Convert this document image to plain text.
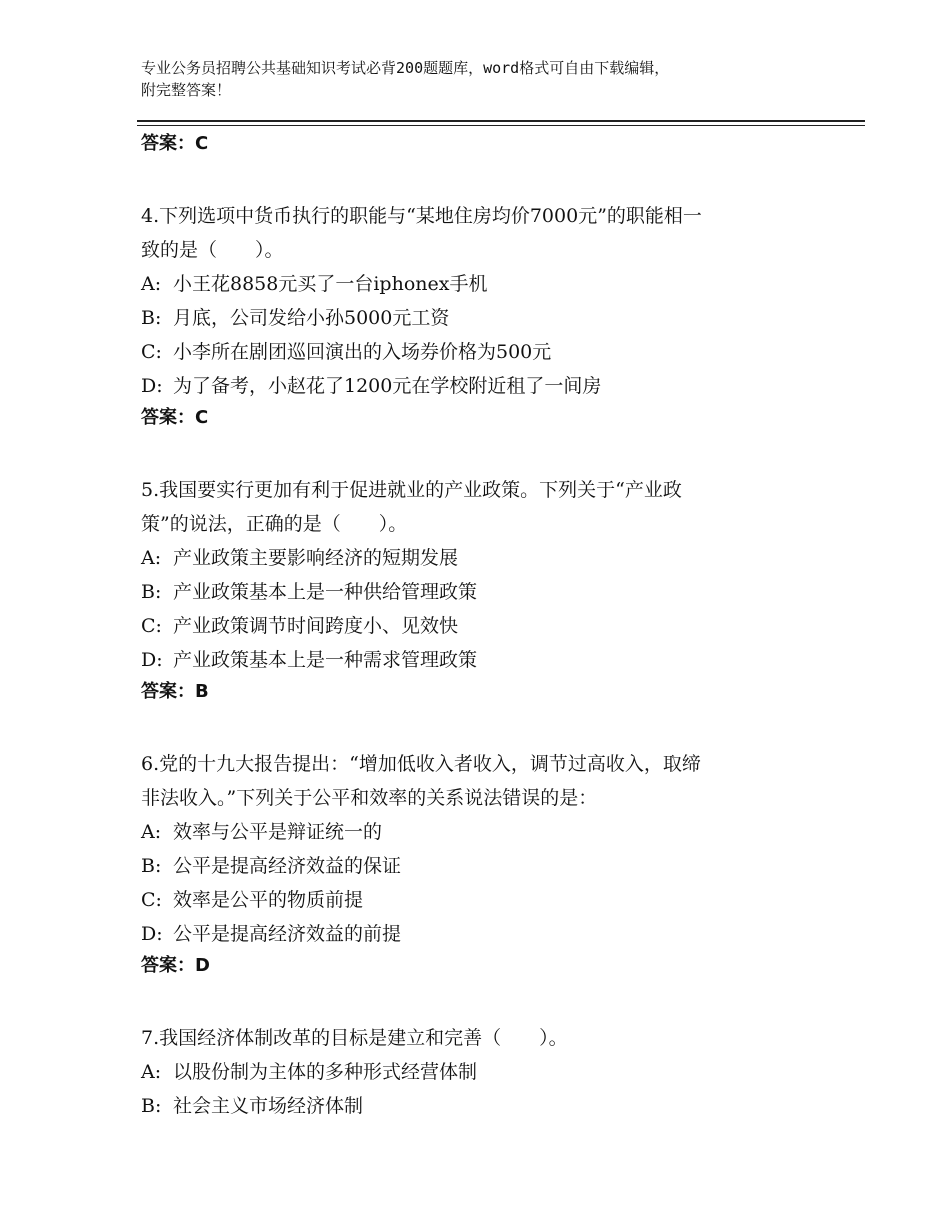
专业公务员招聘公共基础知识考试必背200题题库，word格式可自由下载编辑，
附完整答案！
答案：C
4.下列选项中货币执行的职能与“某地住房均价7000元”的职能相一
致的是（　　）。
A: 小王花8858元买了一台iphonex手机
B: 月底，公司发给小孙5000元工资
C: 小李所在剧团巡回演出的入场券价格为500元
D: 为了备考，小赵花了1200元在学校附近租了一间房
答案：C
5.我国要实行更加有利于促进就业的产业政策。下列关于“产业政
策”的说法，正确的是（　　）。
A: 产业政策主要影响经济的短期发展
B: 产业政策基本上是一种供给管理政策
C: 产业政策调节时间跨度小、见效快
D: 产业政策基本上是一种需求管理政策
答案：B
6.党的十九大报告提出：“增加低收入者收入，调节过高收入，取缔
非法收入。”下列关于公平和效率的关系说法错误的是：
A: 效率与公平是辩证统一的
B: 公平是提高经济效益的保证
C: 效率是公平的物质前提
D: 公平是提高经济效益的前提
答案：D
7.我国经济体制改革的目标是建立和完善（　　）。
A: 以股份制为主体的多种形式经营体制
B: 社会主义市场经济体制
